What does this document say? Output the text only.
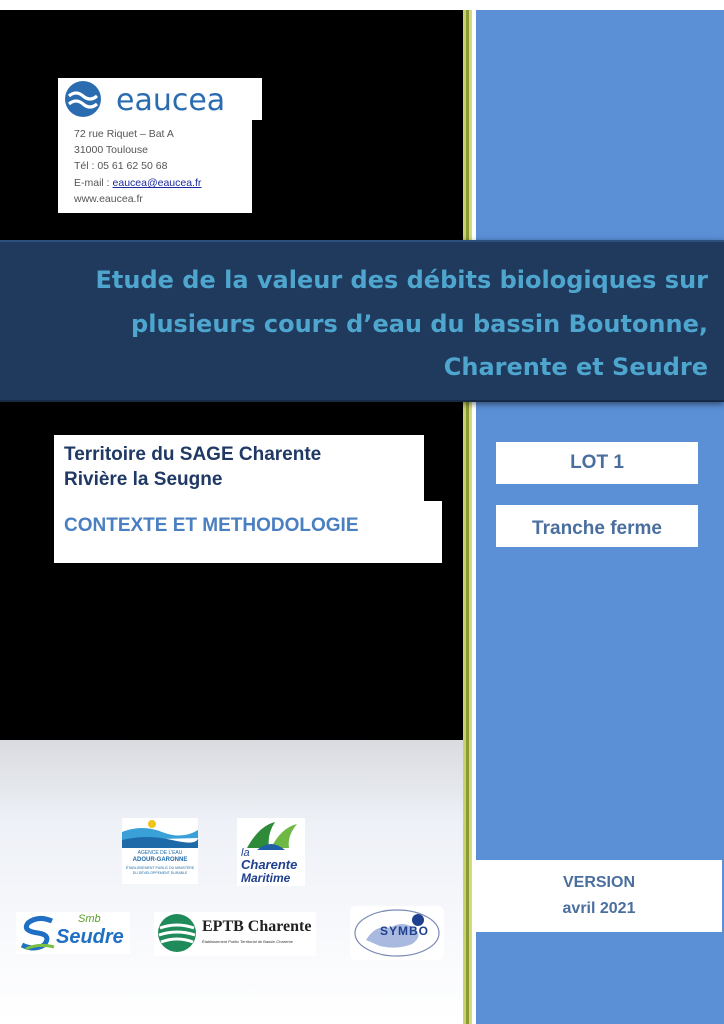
eaucea
72 rue Riquet – Bat A
31000 Toulouse
Tél : 05 61 62 50 68
E-mail : eaucea@eaucea.fr
www.eaucea.fr
Etude de la valeur des débits biologiques sur
plusieurs cours d’eau du bassin Boutonne,
Charente et Seudre
Territoire du SAGE Charente
Rivière la Seugne
CONTEXTE ET METHODOLOGIE
LOT 1
Tranche ferme
VERSION
avril 2021
AGENCE DE L’EAU
ADOUR-GARONNE
ÉTABLISSEMENT PUBLIC DU MINISTÈRE
DU DÉVELOPPEMENT DURABLE
la
Charente
Maritime
Smb
Seudre	EPTB Charente
Établissement Public Territorial de Bassin Charente
SYMBO
